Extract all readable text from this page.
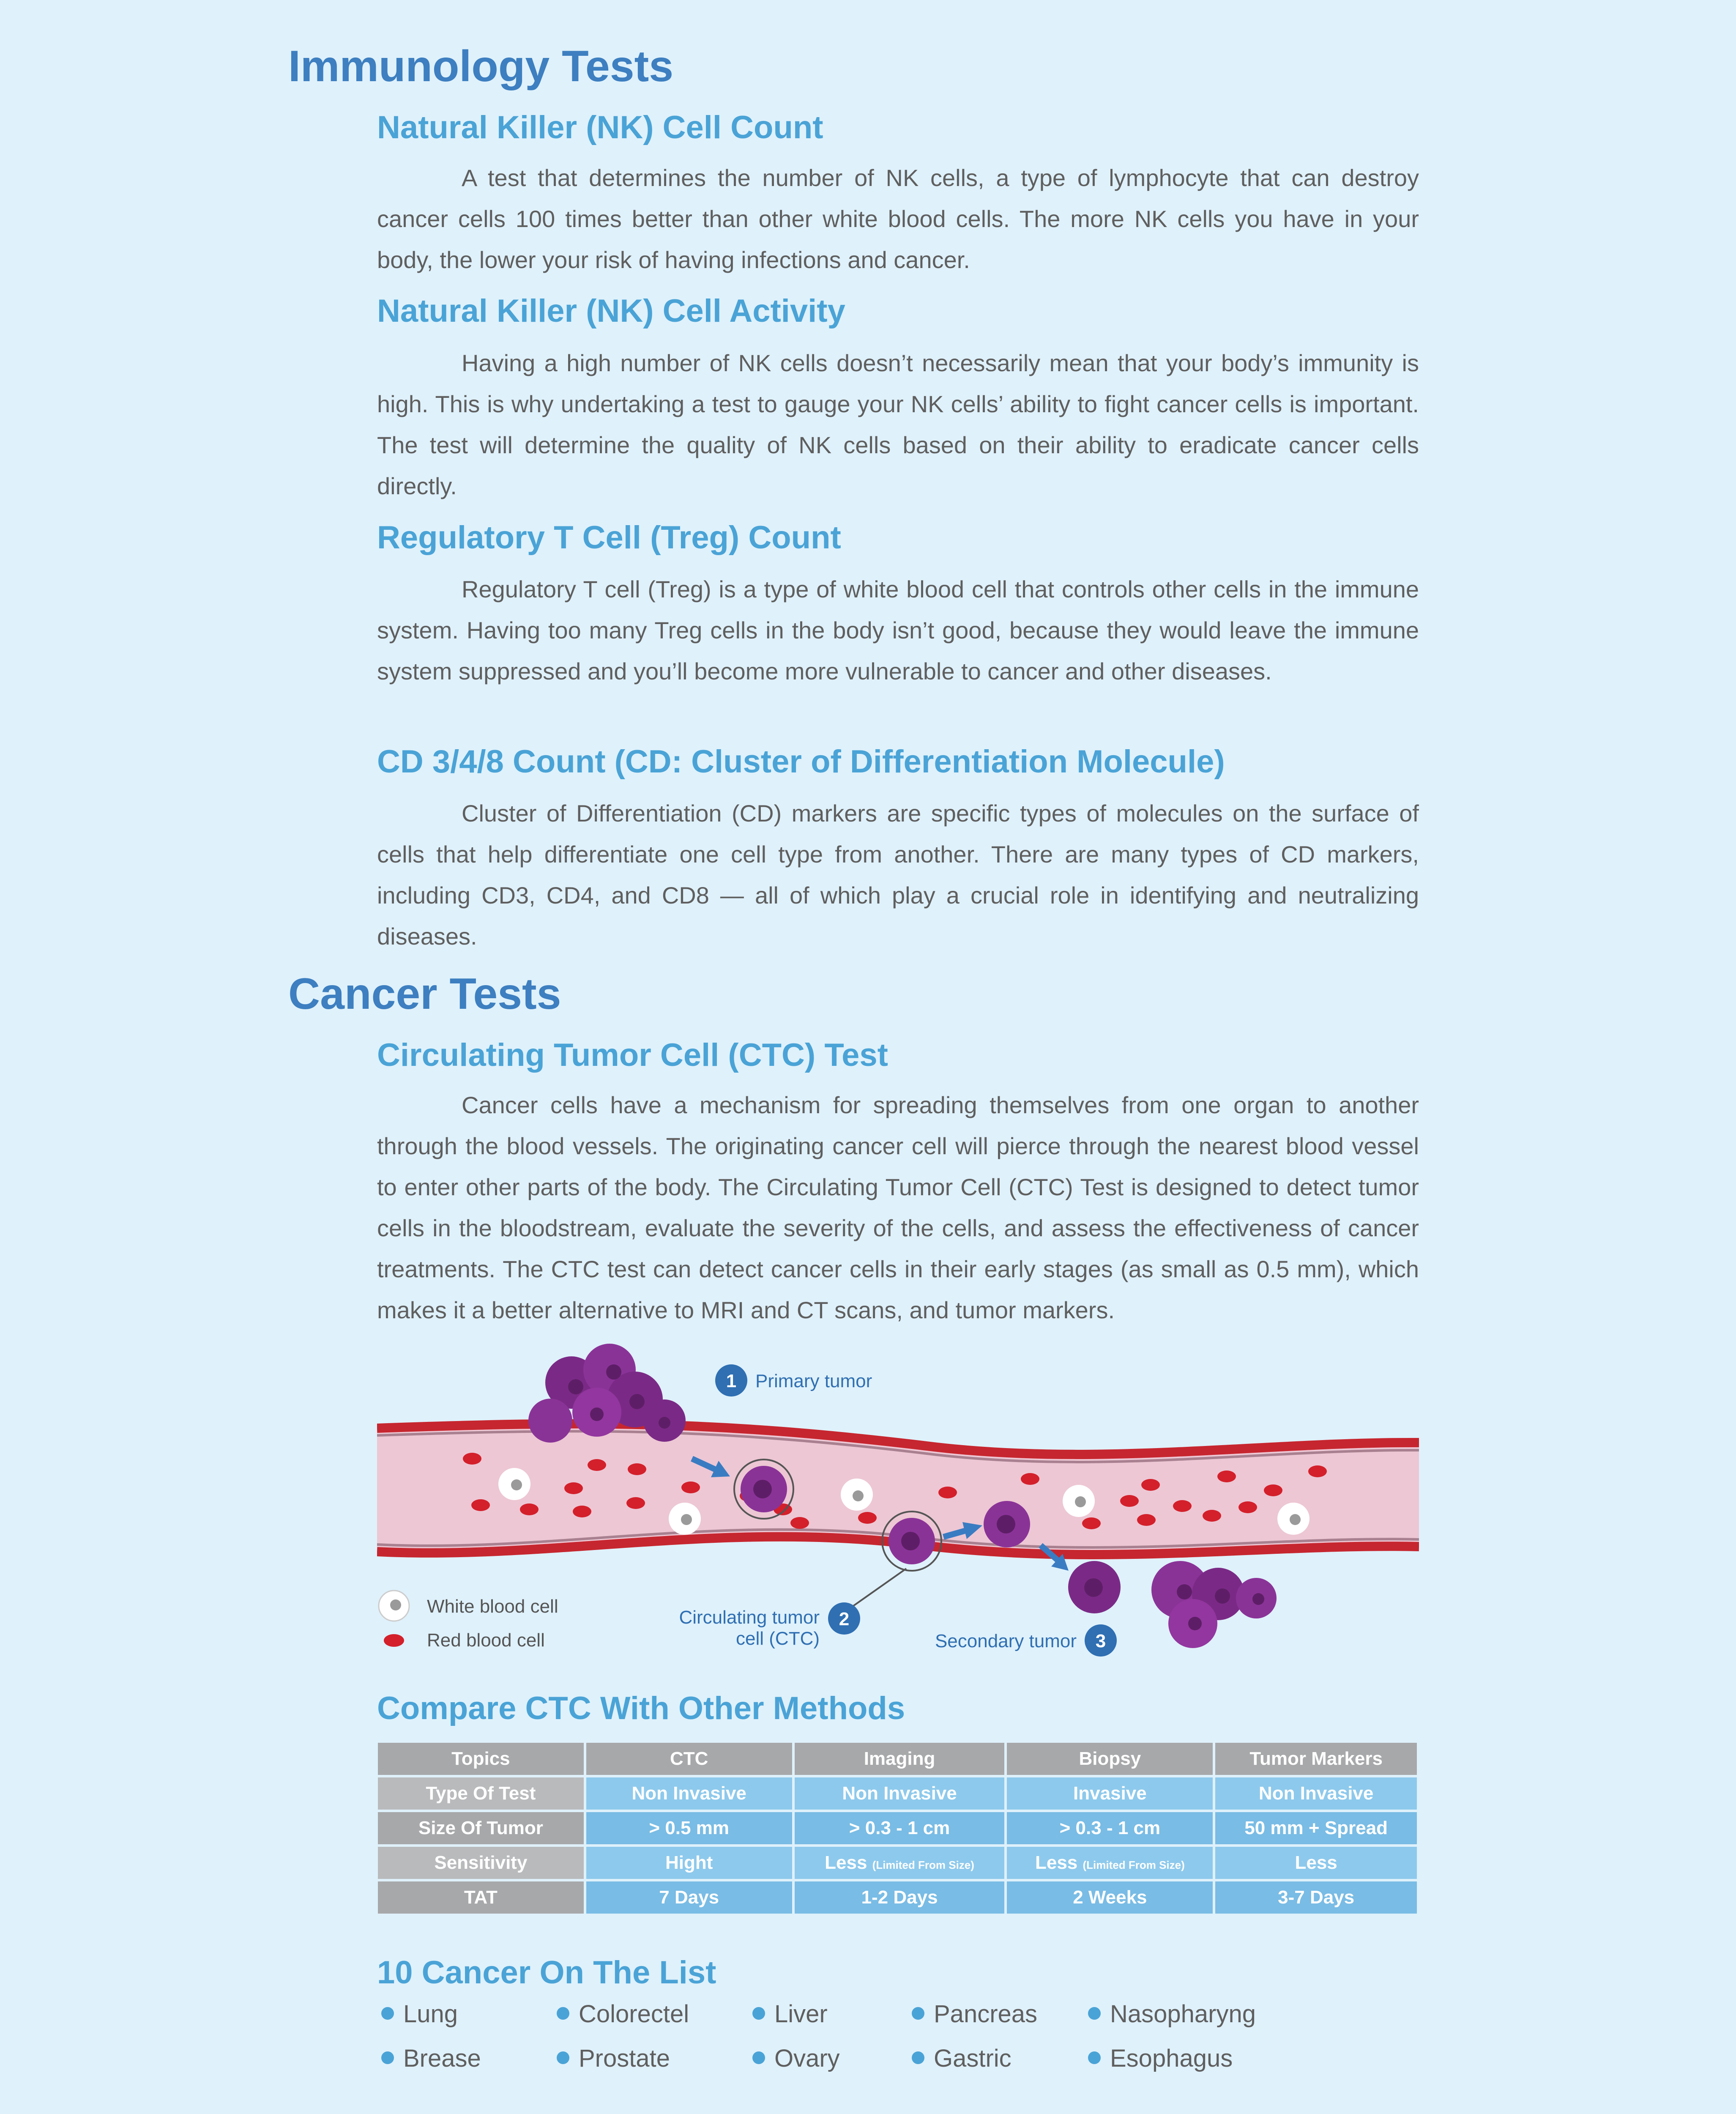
Immunology Tests
Natural Killer (NK) Cell Count

A test that determines the number of NK cells, a type of lymphocyte that can destroy cancer cells 100 times better than other white blood cells. The more NK cells you have in your body, the lower your risk of having infections and cancer.

Natural Killer (NK) Cell Activity

Having a high number of NK cells doesn’t necessarily mean that your body’s immunity is high. This is why undertaking a test to gauge your NK cells’ ability to fight cancer cells is important. The test will determine the quality of NK cells based on their ability to eradicate cancer cells directly.

Regulatory T Cell (Treg) Count

Regulatory T cell (Treg) is a type of white blood cell that controls other cells in the immune system. Having too many Treg cells in the body isn’t good, because they would leave the immune system suppressed and you’ll become more vulnerable to cancer and other diseases.

CD 3/4/8 Count (CD: Cluster of Differentiation Molecule)

Cluster of Differentiation (CD) markers are specific types of molecules on the surface of cells that help differentiate one cell type from another. There are many types of CD markers, including CD3, CD4, and CD8 — all of which play a crucial role in identifying and neutralizing diseases.

Cancer Tests
Circulating Tumor Cell (CTC) Test

Cancer cells have a mechanism for spreading themselves from one organ to another through the blood vessels. The originating cancer cell will pierce through the nearest blood vessel to enter other parts of the body. The Circulating Tumor Cell (CTC) Test is designed to detect tumor cells in the bloodstream, evaluate the severity of the cells, and assess the effectiveness of cancer treatments. The CTC test can detect cancer cells in their early stages (as small as 0.5 mm), which makes it a better alternative to MRI and CT scans, and tumor markers.

1 Primary tumor
2
Circulating tumor
cell (CTC)	3
Secondary tumor
White blood cell
Red blood cell
Compare CTC With Other Methods
Topics	CTC	Imaging	Biopsy	Tumor Markers
Type Of Test	Non Invasive	Non Invasive	Invasive	Non Invasive
Size Of Tumor	> 0.5 mm	> 0.3 - 1 cm	> 0.3 - 1 cm	50 mm + Spread
Sensitivity	Hight	Less (Limited From Size)	Less (Limited From Size)	Less
TAT	7 Days	1-2 Days	2 Weeks	3-7 Days
10 Cancer On The List
Lung	Colorectel	Liver	Pancreas	Nasopharyng
Brease	Prostate	Ovary	Gastric	Esophagus
